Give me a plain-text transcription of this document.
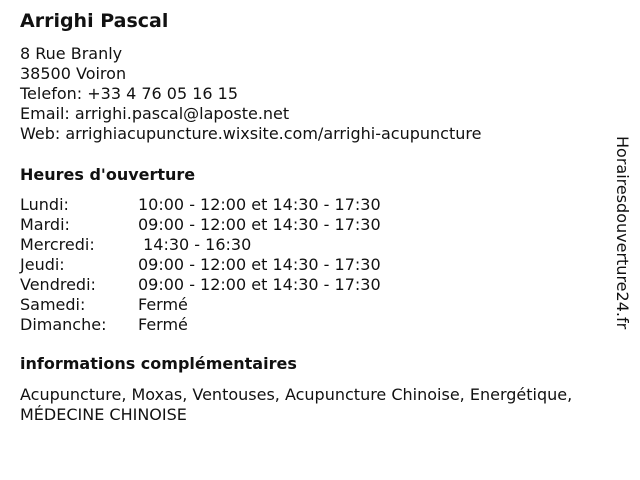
Arrighi Pascal
8 Rue Branly
38500 Voiron
Telefon: +33 4 76 05 16 15
Email: arrighi.pascal@laposte.net
Web: arrighiacupuncture.wixsite.com/arrighi-acupuncture
Heures d'ouverture
Lundi:	10:00 - 12:00 et 14:30 - 17:30
Mardi:	09:00 - 12:00 et 14:30 - 17:30
Mercredi:	14:30 - 16:30
Jeudi:	09:00 - 12:00 et 14:30 - 17:30
Vendredi:	09:00 - 12:00 et 14:30 - 17:30
Samedi:	Fermé
Dimanche: Fermé
informations complémentaires
Acupuncture, Moxas, Ventouses, Acupuncture Chinoise, Energétique,
MÉDECINE CHINOISE
Horairesdouverture24.fr
